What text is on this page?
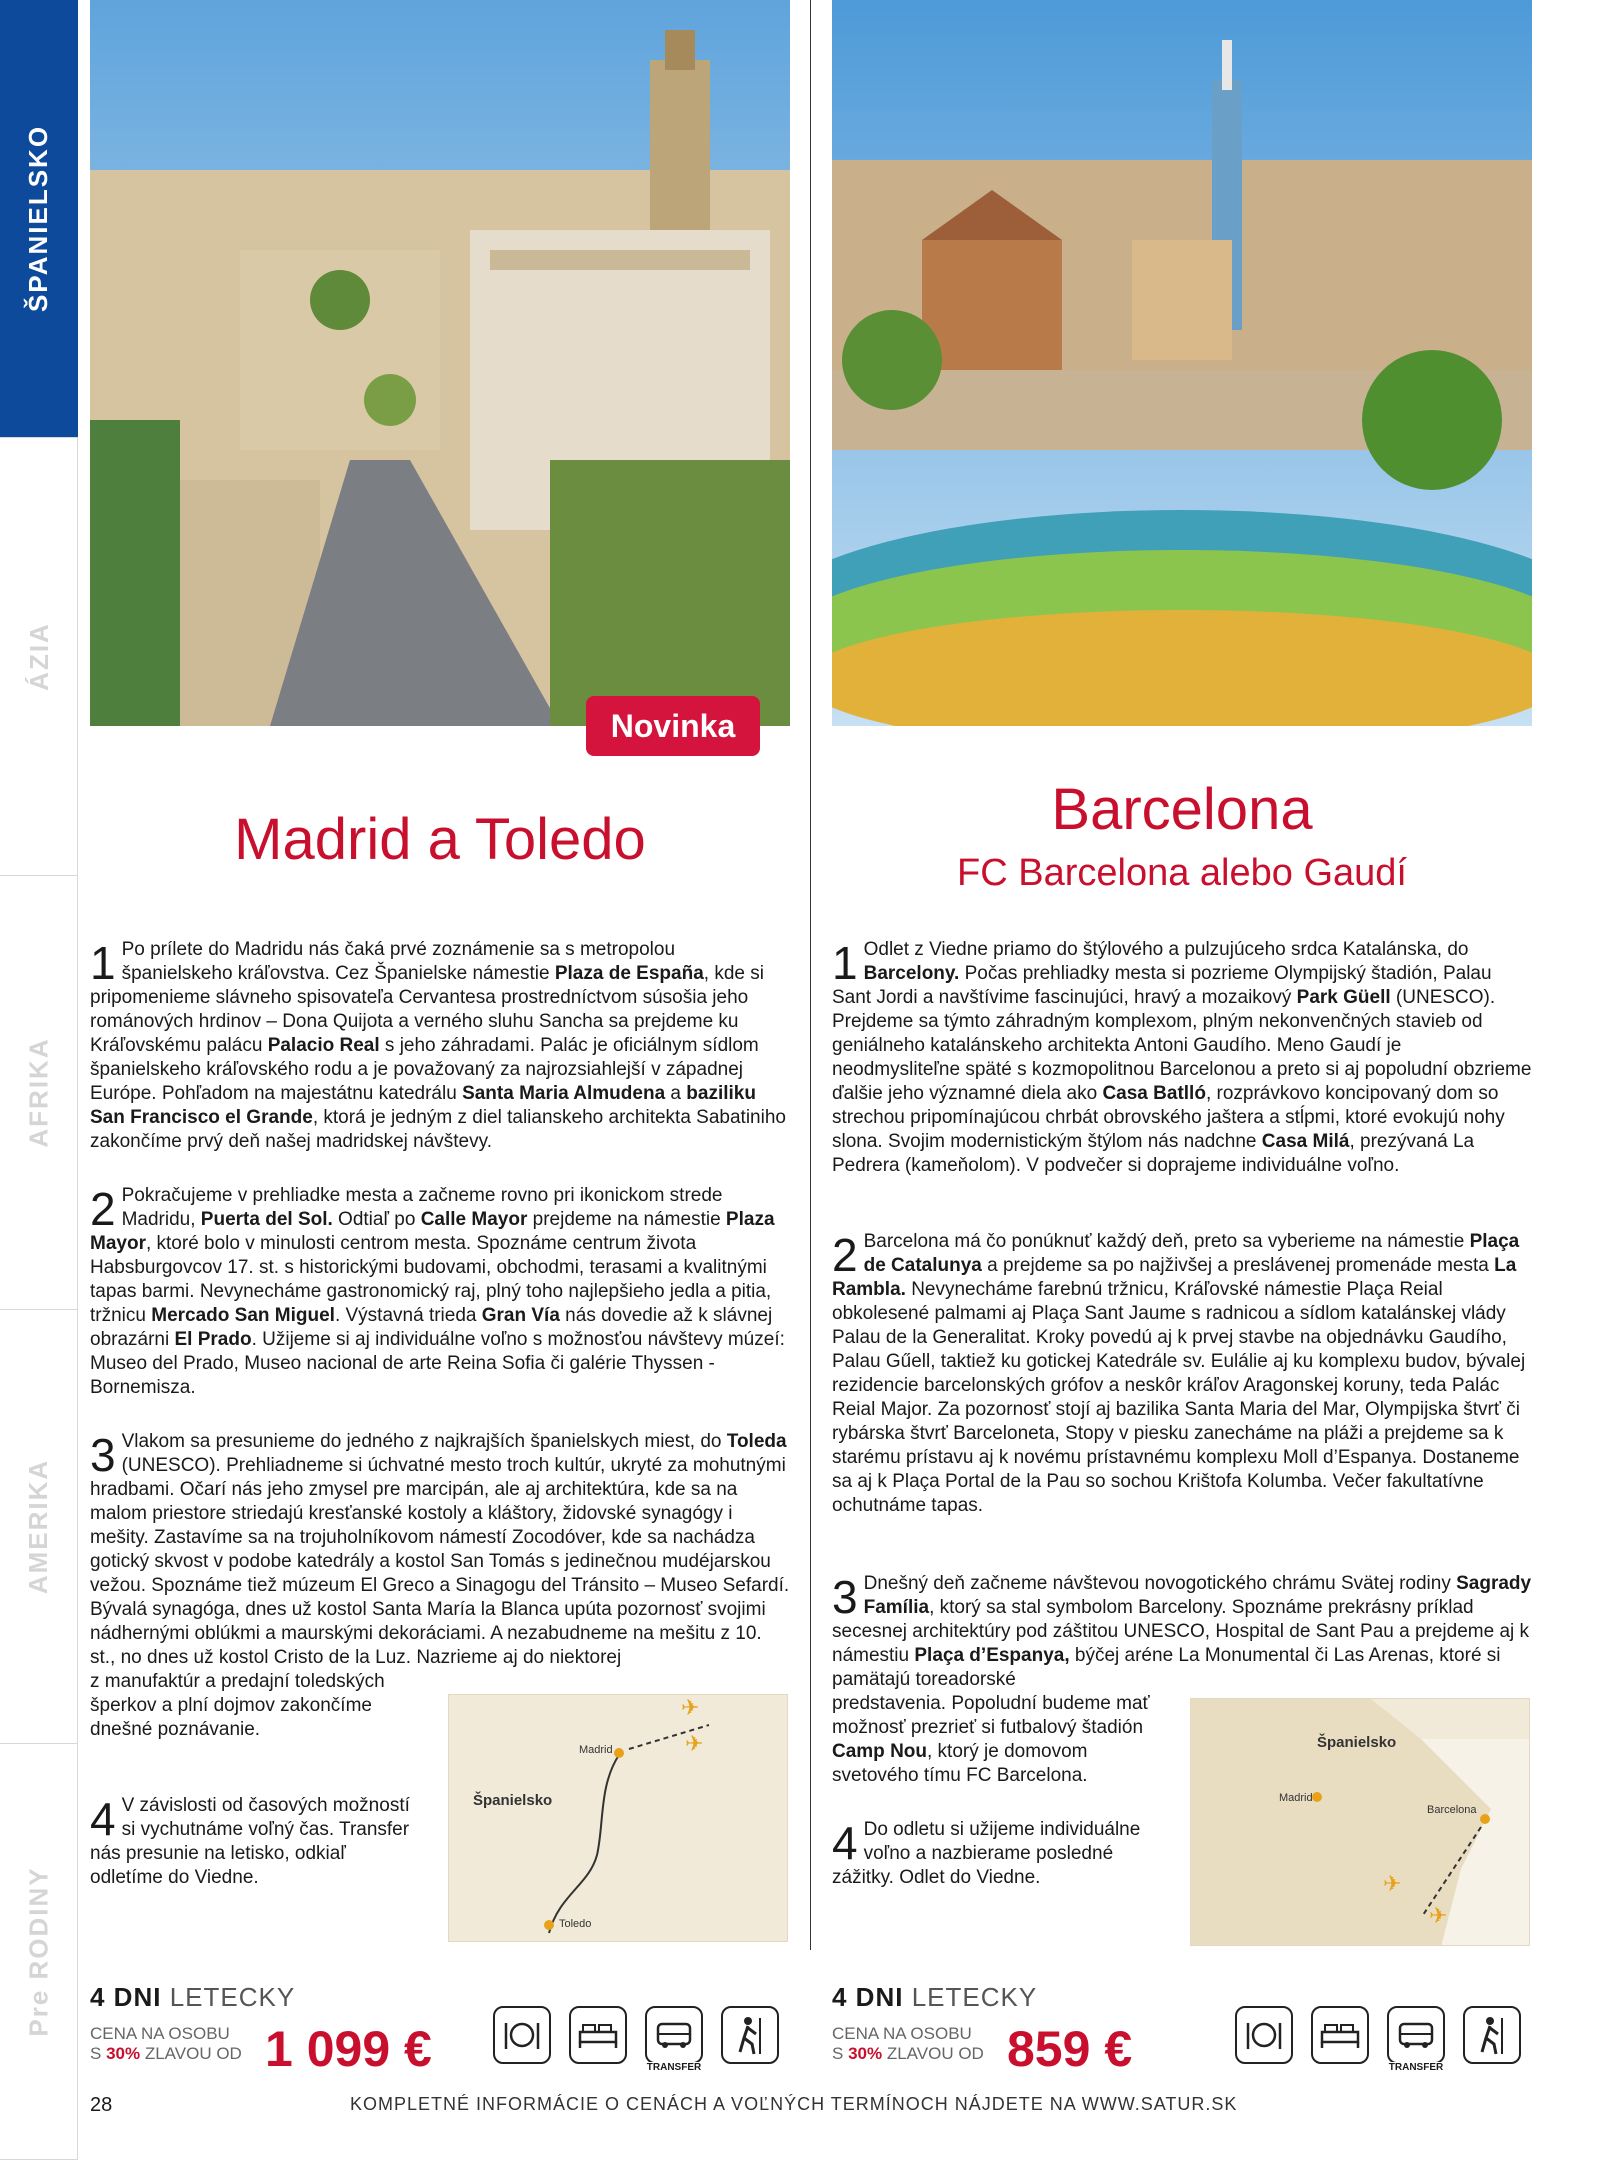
ŠPANIELSKO
ÁZIA
AFRIKA
AMERIKA
Pre RODINY
Novinka
Madrid a Toledo
1 Po prílete do Madridu nás čaká prvé zoznámenie sa s metropolou španielskeho kráľovstva. Cez Španielske námestie Plaza de España, kde si pripomenieme slávneho spisovateľa Cervantesa prostredníctvom súsošia jeho románových hrdinov – Dona Quijota a verného sluhu Sancha sa prejdeme ku Kráľovskému palácu Palacio Real s jeho záhradami. Palác je oficiálnym sídlom španielskeho kráľovského rodu a je považovaný za najrozsiahlejší v západnej Európe. Pohľadom na majestátnu katedrálu Santa Maria Almudena a baziliku San Francisco el Grande, ktorá je jedným z diel talianskeho architekta Sabatiniho zakončíme prvý deň našej madridskej návštevy.
2 Pokračujeme v prehliadke mesta a začneme rovno pri ikonickom strede Madridu, Puerta del Sol. Odtiaľ po Calle Mayor prejdeme na námestie Plaza Mayor, ktoré bolo v minulosti centrom mesta. Spoznáme centrum života Habsburgovcov 17. st. s historickými budovami, obchodmi, terasami a kvalitnými tapas barmi. Nevynecháme gastronomický raj, plný toho najlepšieho jedla a pitia, tržnicu Mercado San Miguel. Výstavná trieda Gran Vía nás dovedie až k slávnej obrazárni El Prado. Užijeme si aj individuálne voľno s možnosťou návštevy múzeí: Museo del Prado, Museo nacional de arte Reina Sofia či galérie Thyssen - Bornemisza.
3 Vlakom sa presunieme do jedného z najkrajších španielskych miest, do Toleda (UNESCO). Prehliadneme si úchvatné mesto troch kultúr, ukryté za mohutnými hradbami. Očarí nás jeho zmysel pre marcipán, ale aj architektúra, kde sa na malom priestore striedajú kresťanské kostoly a kláštory, židovské synagógy i mešity. Zastavíme sa na trojuholníkovom námestí Zocodóver, kde sa nachádza gotický skvost v podobe katedrály a kostol San Tomás s jedinečnou mudéjarskou vežou. Spoznáme tiež múzeum El Greco a Sinagogu del Tránsito – Museo Sefardí. Bývalá synagóga, dnes už kostol Santa María la Blanca upúta pozornosť svojimi nádhernými oblúkmi a maurskými dekoráciami. A nezabudneme na mešitu z 10. st., no dnes už kostol Cristo de la Luz. Nazrieme aj do niektorej
z manufaktúr a predajní toledských
šperkov a plní dojmov zakončíme
dnešné poznávanie.
4 V závislosti od časových možností si vychutnáme voľný čas. Transfer nás presunie na letisko, odkiaľ odletíme do Viedne.
✈
✈
Španielsko
Madrid
Toledo
4 DNI LETECKY
CENA NA OSOBU
S 30% ZLAVOU OD 1 099 €	TRANSFER
Barcelona
FC Barcelona alebo Gaudí
1 Odlet z Viedne priamo do štýlového a pulzujúceho srdca Katalánska, do Barcelony. Počas prehliadky mesta si pozrieme Olympijský štadión, Palau Sant Jordi a navštívime fascinujúci, hravý a mozaikový Park Güell (UNESCO). Prejdeme sa týmto záhradným komplexom, plným nekonvenčných stavieb od geniálneho katalánskeho architekta Antoni Gaudího. Meno Gaudí je neodmysliteľne späté s kozmopolitnou Barcelonou a preto si aj popoludní obzrieme ďalšie jeho významné diela ako Casa Batlló, rozprávkovo koncipovaný dom so strechou pripomínajúcou chrbát obrovského jaštera a stĺpmi, ktoré evokujú nohy slona. Svojim modernistickým štýlom nás nadchne Casa Milá, prezývaná La Pedrera (kameňolom). V podvečer si doprajeme individuálne voľno.
2 Barcelona má čo ponúknuť každý deň, preto sa vyberieme na námestie Plaça de Catalunya a prejdeme sa po najživšej a preslávenej promenáde mesta La Rambla. Nevynecháme farebnú tržnicu, Kráľovské námestie Plaça Reial obkolesené palmami aj Plaça Sant Jaume s radnicou a sídlom katalánskej vlády Palau de la Generalitat. Kroky povedú aj k prvej stavbe na objednávku Gaudího, Palau Gűell, taktiež ku gotickej Katedrále sv. Eulálie aj ku komplexu budov, bývalej rezidencie barcelonských grófov a neskôr kráľov Aragonskej koruny, teda Palác Reial Major. Za pozornosť stojí aj bazilika Santa Maria del Mar, Olympijska štvrť či rybárska štvrť Barceloneta, Stopy v piesku zanecháme na pláži a prejdeme sa k starému prístavu aj k novému prístavnému komplexu Moll d’Espanya. Dostaneme sa aj k Plaça Portal de la Pau so sochou Krištofa Kolumba. Večer fakultatívne ochutnáme tapas.
3 Dnešný deň začneme návštevou novogotického chrámu Svätej rodiny Sagrady Família, ktorý sa stal symbolom Barcelony. Spoznáme prekrásny príklad secesnej architektúry pod záštitou UNESCO, Hospital de Sant Pau a prejdeme aj k námestiu Plaça d’Espanya, býčej aréne La Monumental či Las Arenas, ktoré si pamätajú toreadorské
predstavenia. Popoludní budeme mať
možnosť prezrieť si futbalový štadión
Camp Nou, ktorý je domovom
svetového tímu FC Barcelona.
4 Do odletu si užijeme individuálne
voľno a nazbierame posledné
zážitky. Odlet do Viedne.	✈
✈
Španielsko
Madrid
Barcelona
4 DNI LETECKY
CENA NA OSOBU
S 30% ZLAVOU OD 859 €	TRANSFER
28	KOMPLETNÉ INFORMÁCIE O CENÁCH A VOĽNÝCH TERMÍNOCH NÁJDETE NA WWW.SATUR.SK
